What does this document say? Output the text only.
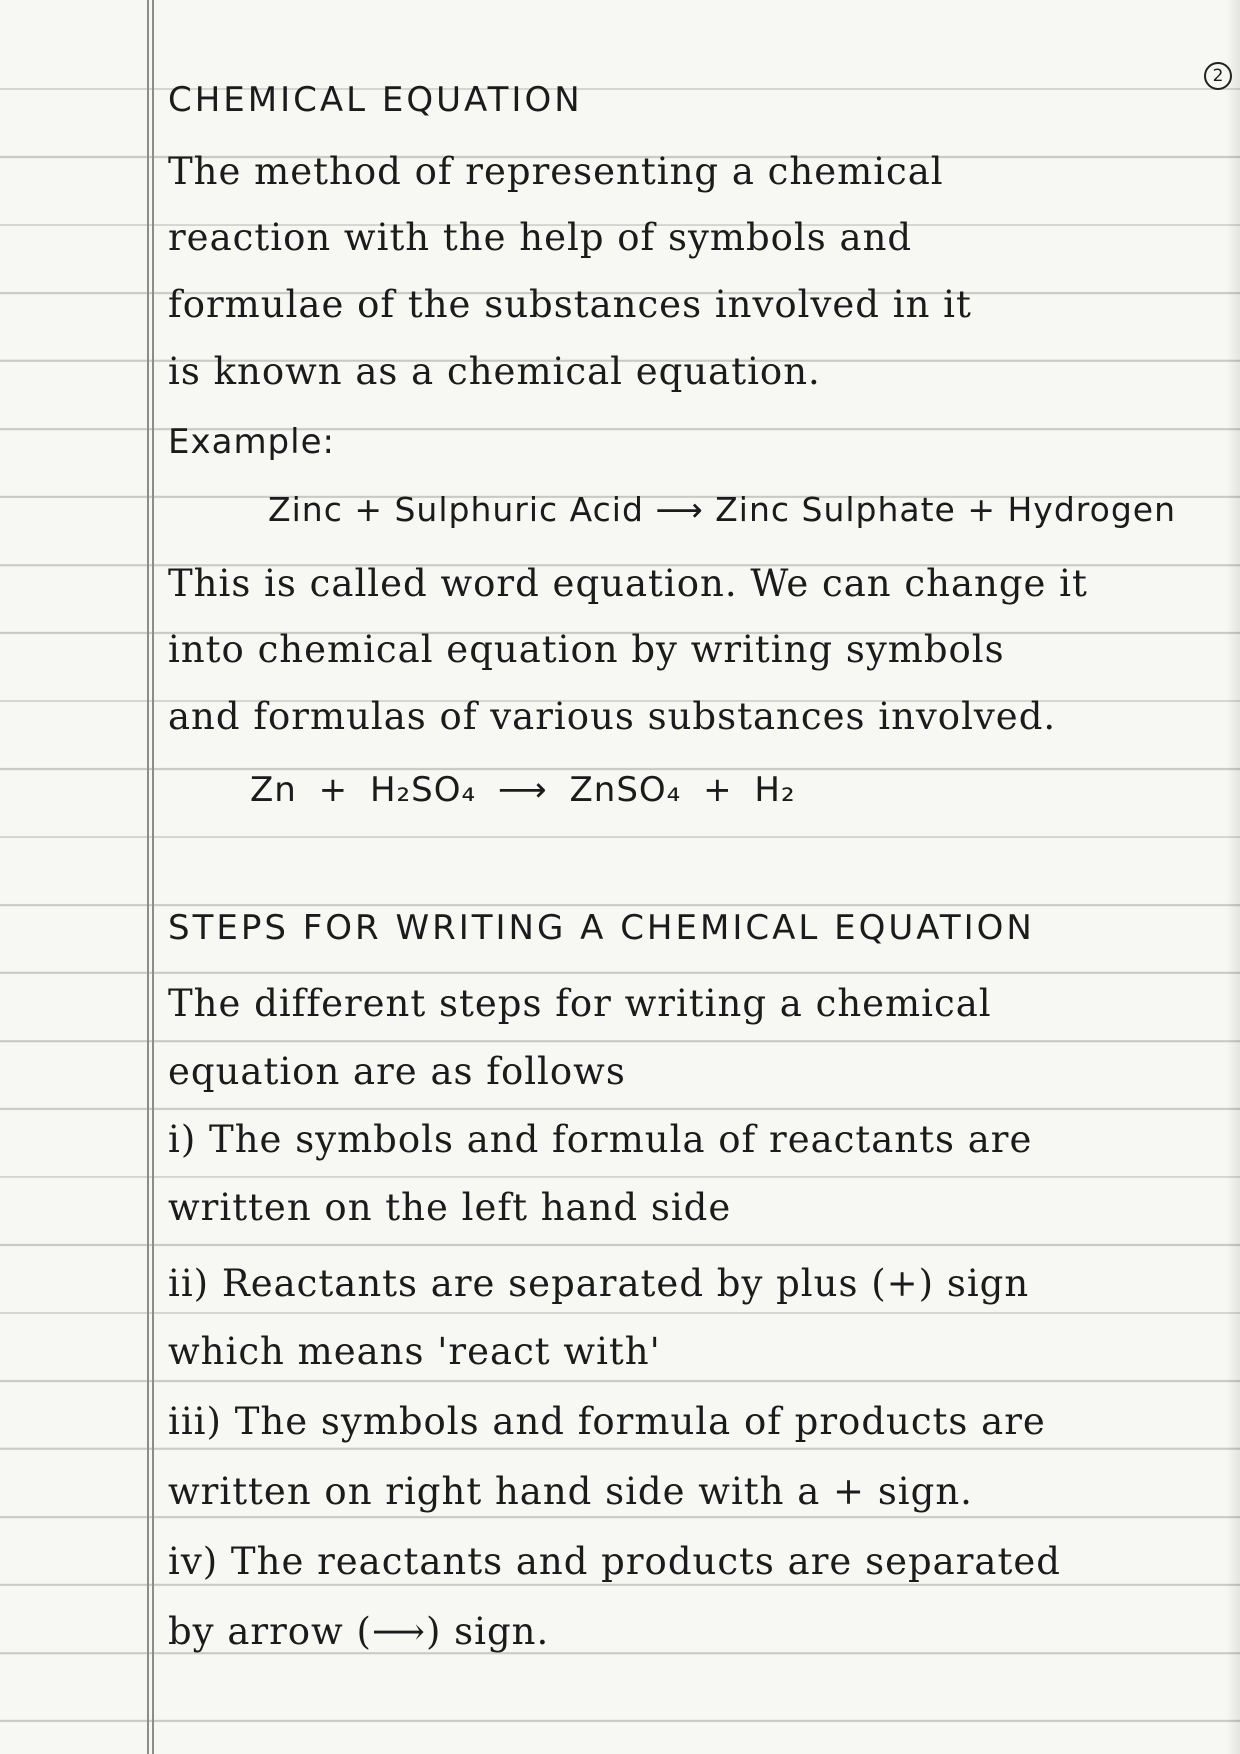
2
CHEMICAL EQUATION
The method of representing a chemical
reaction with the help of symbols and
formulae of the substances involved in it
is known as a chemical equation.
Example:
Zinc + Sulphuric Acid ⟶ Zinc Sulphate + Hydrogen
This is called word equation. We can change it
into chemical equation by writing symbols
and formulas of various substances involved.
Zn + H₂SO₄ ⟶ ZnSO₄ + H₂
STEPS FOR WRITING A CHEMICAL EQUATION
The different steps for writing a chemical
equation are as follows
i) The symbols and formula of reactants are
written on the left hand side
ii) Reactants are separated by plus (+) sign
which means 'react with'
iii) The symbols and formula of products are
written on right hand side with a + sign.
iv) The reactants and products are separated
by arrow (⟶) sign.
